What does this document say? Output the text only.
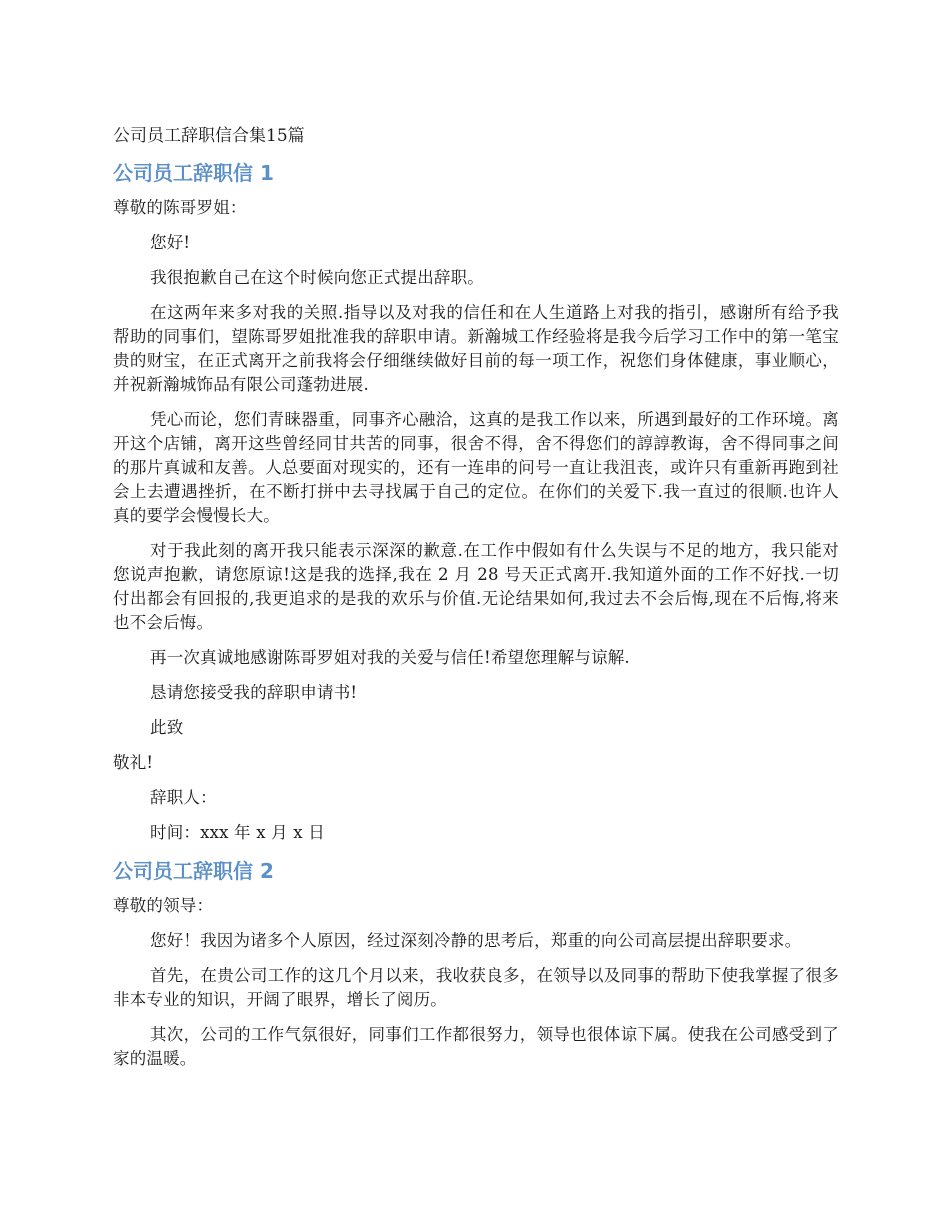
公司员工辞职信合集15篇
公司员工辞职信 1
尊敬的陈哥罗姐：
您好!
我很抱歉自己在这个时候向您正式提出辞职。
在这两年来多对我的关照.指导以及对我的信任和在人生道路上对我的指引，感谢所有给予我帮助的同事们，望陈哥罗姐批准我的辞职申请。新瀚城工作经验将是我今后学习工作中的第一笔宝贵的财宝，在正式离开之前我将会仔细继续做好目前的每一项工作，祝您们身体健康，事业顺心，并祝新瀚城饰品有限公司蓬勃进展.
凭心而论，您们青睐器重，同事齐心融洽，这真的是我工作以来，所遇到最好的工作环境。离开这个店铺，离开这些曾经同甘共苦的同事，很舍不得，舍不得您们的諄諄教诲，舍不得同事之间的那片真诚和友善。人总要面对现实的，还有一连串的问号一直让我沮丧，或许只有重新再跑到社会上去遭遇挫折，在不断打拼中去寻找属于自己的定位。在你们的关爱下.我一直过的很顺.也许人真的要学会慢慢长大。
对于我此刻的离开我只能表示深深的歉意.在工作中假如有什么失误与不足的地方，我只能对您说声抱歉，请您原谅!这是我的选择,我在 2 月 28 号天正式离开.我知道外面的工作不好找.一切付出都会有回报的,我更追求的是我的欢乐与价值.无论结果如何,我过去不会后悔,现在不后悔,将来也不会后悔。
再一次真诚地感谢陈哥罗姐对我的关爱与信任!希望您理解与谅解.
恳请您接受我的辞职申请书!
此致
敬礼!
辞职人：
时间：xxx 年 x 月 x 日
公司员工辞职信 2
尊敬的领导：
您好！我因为诸多个人原因，经过深刻冷静的思考后，郑重的向公司高层提出辞职要求。
首先，在贵公司工作的这几个月以来，我收获良多，在领导以及同事的帮助下使我掌握了很多非本专业的知识，开阔了眼界，增长了阅历。
其次，公司的工作气氛很好，同事们工作都很努力，领导也很体谅下属。使我在公司感受到了家的温暖。
